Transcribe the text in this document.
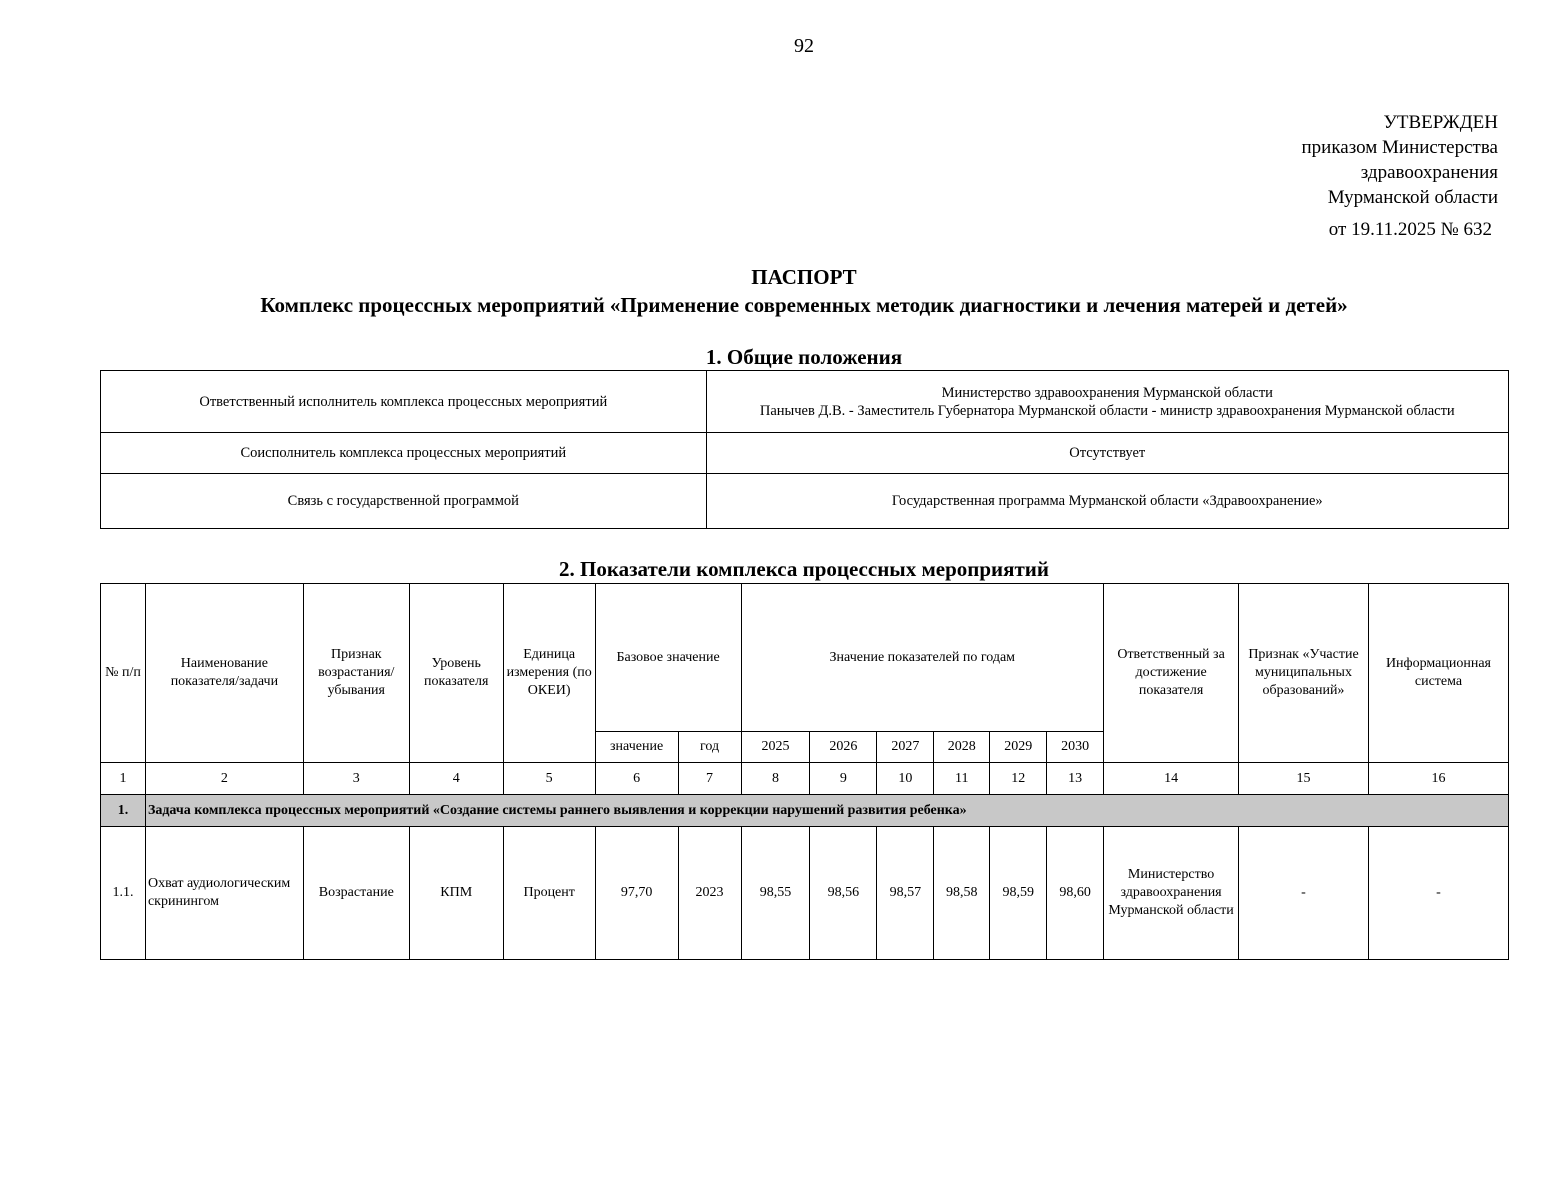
92
УТВЕРЖДЕН
приказом Министерства
здравоохранения
Мурманской области
от 19.11.2025 № 632
ПАСПОРТ
Комплекс процессных мероприятий «Применение современных методик диагностики и лечения матерей и детей»
1. Общие положения
Ответственный исполнитель комплекса процессных мероприятий	Министерство здравоохранения Мурманской области
Панычев Д.В. - Заместитель Губернатора Мурманской области - министр здравоохранения Мурманской области

Соисполнитель комплекса процессных мероприятий	Отсутствует
Связь с государственной программой	Государственная программа Мурманской области «Здравоохранение»
2. Показатели комплекса процессных мероприятий
№ п/п	Наименование показателя/задачи	Признак возрастания/ убывания	Уровень показателя	Единица измерения (по ОКЕИ)	Базовое значение		Значение показателей по годам						Ответственный за достижение показателя	Признак «Участие муниципальных образований»	Информационная система
					значение	год	2025	2026	2027	2028	2029	2030			
1	2	3	4	5	6	7	8	9	10	11	12	13	14	15	16
1.	Задача комплекса процессных мероприятий «Создание системы раннего выявления и коррекции нарушений развития ребенка»														
1.1.	Охват аудиологическим скринингом	Возрастание	КПМ	Процент	97,70	2023	98,55	98,56	98,57	98,58	98,59	98,60	Министерство здравоохранения Мурманской области	-	-
